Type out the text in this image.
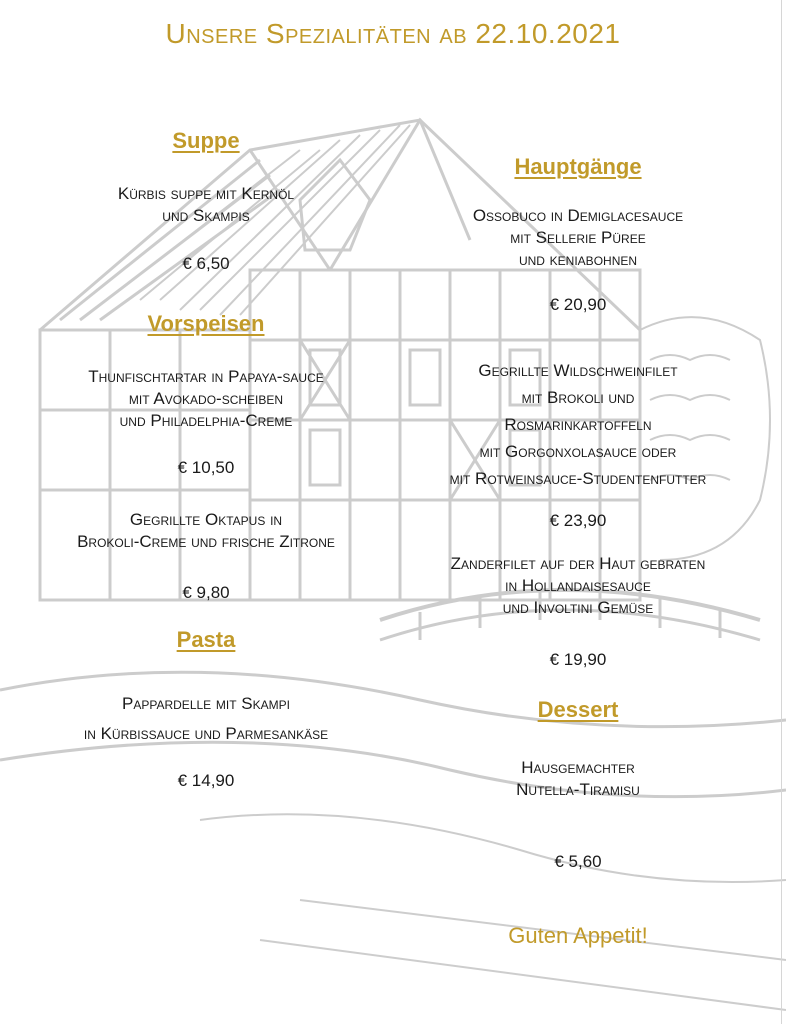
Unsere Spezialitäten ab 22.10.2021
Suppe
Kürbis suppe mit Kernöl
und Skampis
€ 6,50
Vorspeisen
Thunfischtartar in Papaya-sauce
mit Avokado-scheiben
und Philadelphia-Creme
€ 10,50
Gegrillte Oktapus in
Brokoli-Creme und frische Zitrone
€ 9,80
Pasta
Pappardelle mit Skampi
in Kürbissauce und Parmesankäse
€ 14,90
Hauptgänge
Ossobuco in Demiglacesauce
mit Sellerie Püree
und keniabohnen
€ 20,90
Gegrillte Wildschweinfilet
mit Brokoli und
Rosmarinkartoffeln
mit Gorgonxolasauce oder
mit Rotweinsauce-Studentenfutter
€ 23,90
Zanderfilet auf der Haut gebraten
in Hollandaisesauce
und Involtini Gemüse
€ 19,90
Dessert
Hausgemachter
Nutella-Tiramisu
€ 5,60
Guten Appetit!
